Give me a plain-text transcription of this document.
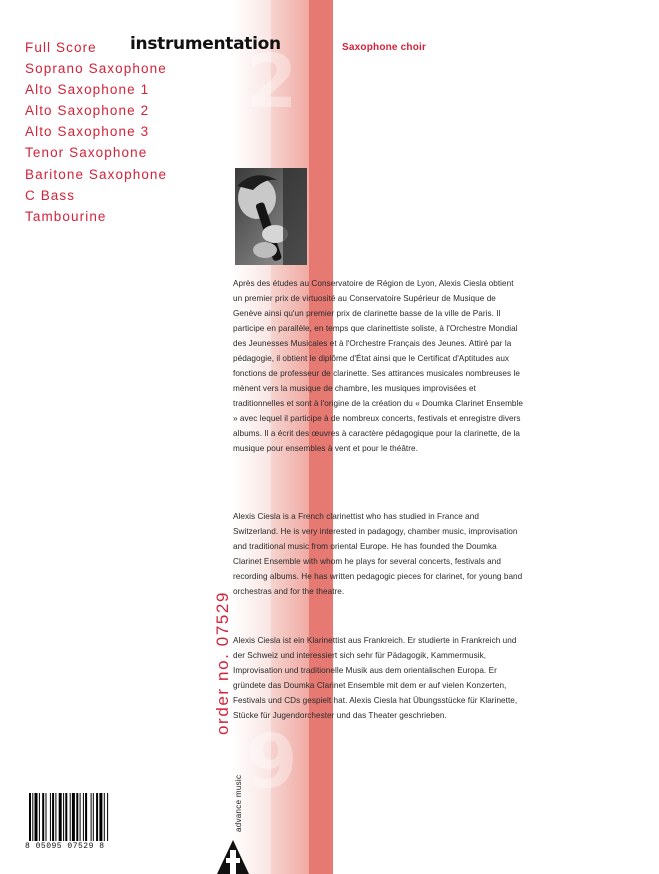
2
9
Full Score
Soprano Saxophone
Alto Saxophone 1
Alto Saxophone 2
Alto Saxophone 3
Tenor Saxophone
Baritone Saxophone
C Bass
Tambourine
instrumentation	Saxophone choir

Après des études au Conservatoire de Région de Lyon, Alexis Ciesla obtient un premier prix de virtuosité au Conservatoire Supérieur de Musique de Genève ainsi qu'un premier prix de clarinette basse de la ville de Paris. Il participe en parallèle, en temps que clarinettiste soliste, à l'Orchestre Mondial des Jeunesses Musicales et à l'Orchestre Français des Jeunes. Attiré par la pédagogie, il obtient le diplôme d'État ainsi que le Certificat d'Aptitudes aux fonctions de professeur de clarinette. Ses attirances musicales nombreuses le mènent vers la musique de chambre, les musiques improvisées et traditionnelles et sont à l'origine de la création du « Doumka Clarinet Ensemble » avec lequel il participe à de nombreux concerts, festivals et enregistre divers albums. Il a écrit des œuvres à caractère pédagogique pour la clarinette, de la musique pour ensembles à vent et pour le théâtre.

Alexis Ciesla is a French clarinettist who has studied in France and Switzerland. He is very interested in padagogy, chamber music, improvisation and traditional music from oriental Europe. He has founded the Doumka Clarinet Ensemble with whom he plays for several concerts, festivals and recording albums. He has written pedagogic pieces for clarinet, for young band orchestras and for the theatre.

Alexis Ciesla ist ein Klarinettist aus Frankreich. Er studierte in Frankreich und der Schweiz und interessiert sich sehr für Pädagogik, Kammermusik, Improvisation und traditionelle Musik aus dem orientalischen Europa. Er gründete das Doumka Clarinet Ensemble mit dem er auf vielen Konzerten, Festivals und CDs gespielt hat. Alexis Ciesla hat Übungsstücke für Klarinette, Stücke für Jugendorchester und das Theater geschrieben.

order no. 07529
advance music
8 05095 07529 8
